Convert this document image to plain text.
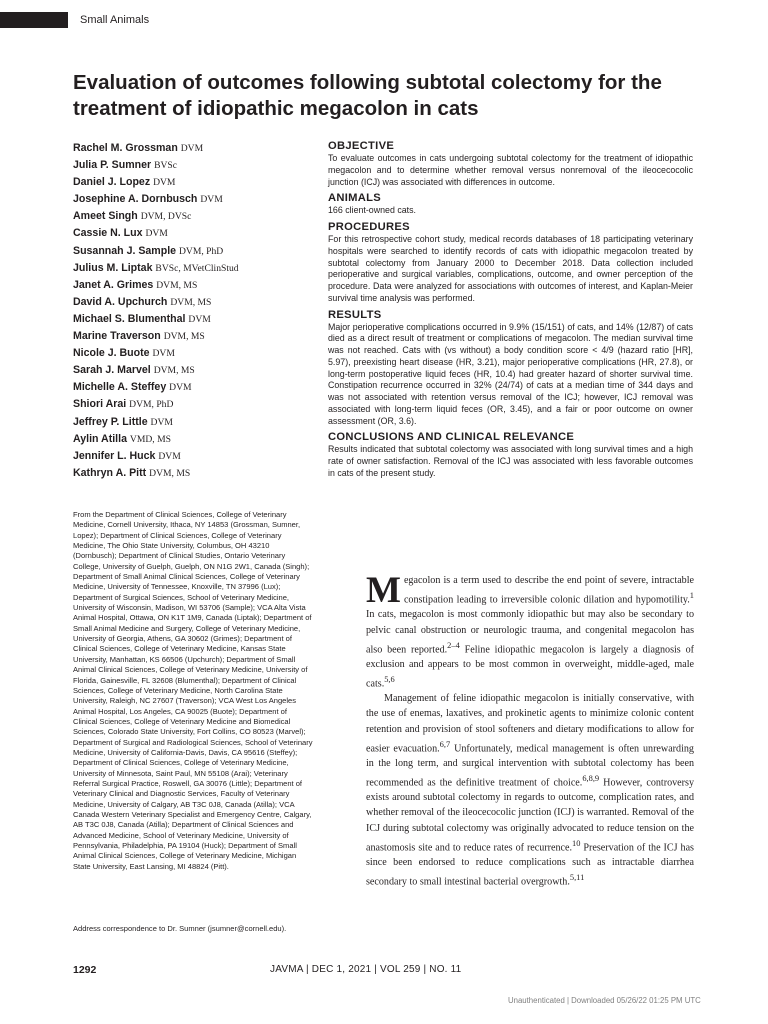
Small Animals
Evaluation of outcomes following subtotal colectomy for the treatment of idiopathic megacolon in cats
Rachel M. Grossman DVM
Julia P. Sumner BVSc
Daniel J. Lopez DVM
Josephine A. Dornbusch DVM
Ameet Singh DVM, DVSc
Cassie N. Lux DVM
Susannah J. Sample DVM, PhD
Julius M. Liptak BVSc, MVetClinStud
Janet A. Grimes DVM, MS
David A. Upchurch DVM, MS
Michael S. Blumenthal DVM
Marine Traverson DVM, MS
Nicole J. Buote DVM
Sarah J. Marvel DVM, MS
Michelle A. Steffey DVM
Shiori Arai DVM, PhD
Jeffrey P. Little DVM
Aylin Atilla VMD, MS
Jennifer L. Huck DVM
Kathryn A. Pitt DVM, MS

From the Department of Clinical Sciences, College of Veterinary Medicine, Cornell University, Ithaca, NY 14853 (Grossman, Sumner, Lopez); Department of Clinical Sciences, College of Veterinary Medicine, The Ohio State University, Columbus, OH 43210 (Dornbusch); Department of Clinical Studies, Ontario Veterinary College, University of Guelph, Guelph, ON N1G 2W1, Canada (Singh); Department of Small Animal Clinical Sciences, College of Veterinary Medicine, University of Tennessee, Knoxville, TN 37996 (Lux); Department of Surgical Sciences, School of Veterinary Medicine, University of Wisconsin, Madison, WI 53706 (Sample); VCA Alta Vista Animal Hospital, Ottawa, ON K1T 1M9, Canada (Liptak); Department of Small Animal Medicine and Surgery, College of Veterinary Medicine, University of Georgia, Athens, GA 30602 (Grimes); Department of Clinical Sciences, College of Veterinary Medicine, Kansas State University, Manhattan, KS 66506 (Upchurch); Department of Small Animal Clinical Sciences, College of Veterinary Medicine, University of Florida, Gainesville, FL 32608 (Blumenthal); Department of Clinical Sciences, College of Veterinary Medicine, North Carolina State University, Raleigh, NC 27607 (Traverson); VCA West Los Angeles Animal Hospital, Los Angeles, CA 90025 (Buote); Department of Clinical Sciences, College of Veterinary Medicine and Biomedical Sciences, Colorado State University, Fort Collins, CO 80523 (Marvel); Department of Surgical and Radiological Sciences, School of Veterinary Medicine, University of California-Davis, Davis, CA 95616 (Steffey); Department of Clinical Sciences, College of Veterinary Medicine, University of Minnesota, Saint Paul, MN 55108 (Arai); Veterinary Referral Surgical Practice, Roswell, GA 30076 (Little); Department of Veterinary Clinical and Diagnostic Services, Faculty of Veterinary Medicine, University of Calgary, AB T3C 0J8, Canada (Atilla); VCA Canada Western Veterinary Specialist and Emergency Centre, Calgary, AB T3C 0J8, Canada (Atilla); Department of Clinical Sciences and Advanced Medicine, School of Veterinary Medicine, University of Pennsylvania, Philadelphia, PA 19104 (Huck); Department of Small Animal Clinical Sciences, College of Veterinary Medicine, Michigan State University, East Lansing, MI 48824 (Pitt).

Address correspondence to Dr. Sumner (jsumner@cornell.edu).

OBJECTIVE

To evaluate outcomes in cats undergoing subtotal colectomy for the treatment of idiopathic megacolon and to determine whether removal versus nonremoval of the ileocecocolic junction (ICJ) was associated with differences in outcome.

ANIMALS

166 client-owned cats.

PROCEDURES

For this retrospective cohort study, medical records databases of 18 participating veterinary hospitals were searched to identify records of cats with idiopathic megacolon treated by subtotal colectomy from January 2000 to December 2018. Data collection included perioperative and surgical variables, complications, outcome, and owner perception of the procedure. Data were analyzed for associations with outcomes of interest, and Kaplan-Meier survival time analysis was performed.

RESULTS

Major perioperative complications occurred in 9.9% (15/151) of cats, and 14% (12/87) of cats died as a direct result of treatment or complications of megacolon. The median survival time was not reached. Cats with (vs without) a body condition score < 4/9 (hazard ratio [HR], 5.97), preexisting heart disease (HR, 3.21), major perioperative complications (HR, 27.8), or long-term postoperative liquid feces (HR, 10.4) had greater hazard of shorter survival time. Constipation recurrence occurred in 32% (24/74) of cats at a median time of 344 days and was not associated with retention versus removal of the ICJ; however, ICJ removal was associated with long-term liquid feces (OR, 3.45), and a fair or poor outcome on owner assessment (OR, 3.6).

CONCLUSIONS AND CLINICAL RELEVANCE

Results indicated that subtotal colectomy was associated with long survival times and a high rate of owner satisfaction. Removal of the ICJ was associated with less favorable outcomes in cats of the present study.

Megacolon is a term used to describe the end point of severe, intractable constipation leading to irreversible colonic dilation and hypomotility.$^1$ In cats, megacolon is most commonly idiopathic but may also be secondary to pelvic canal obstruction or neurologic trauma, and congenital megacolon has also been reported.$^{2-4}$ Feline idiopathic megacolon is largely a diagnosis of exclusion and appears to be most common in overweight, middle-aged, male cats.$^{5,6}$

Management of feline idiopathic megacolon is initially conservative, with the use of enemas, laxatives, and prokinetic agents to minimize colonic content retention and provision of stool softeners and dietary modifications to allow for easier evacuation.$^{6,7}$ Unfortunately, medical management is often unrewarding in the long term, and surgical intervention with subtotal colectomy has been recommended as the definitive treatment of choice.$^{6,8,9}$ However, controversy exists around subtotal colectomy in regards to outcome, complication rates, and whether removal of the ileocecocolic junction (ICJ) is warranted. Removal of the ICJ during subtotal colectomy was originally advocated to reduce tension on the anastomosis site and to reduce rates of recurrence.$^{10}$ Preservation of the ICJ has since been endorsed to reduce complications such as intractable diarrhea secondary to small intestinal bacterial overgrowth.$^{5,11}$

1292	JAVMA | DEC 1, 2021 | VOL 259 | NO. 11
Unauthenticated | Downloaded 05/26/22 01:25 PM UTC
